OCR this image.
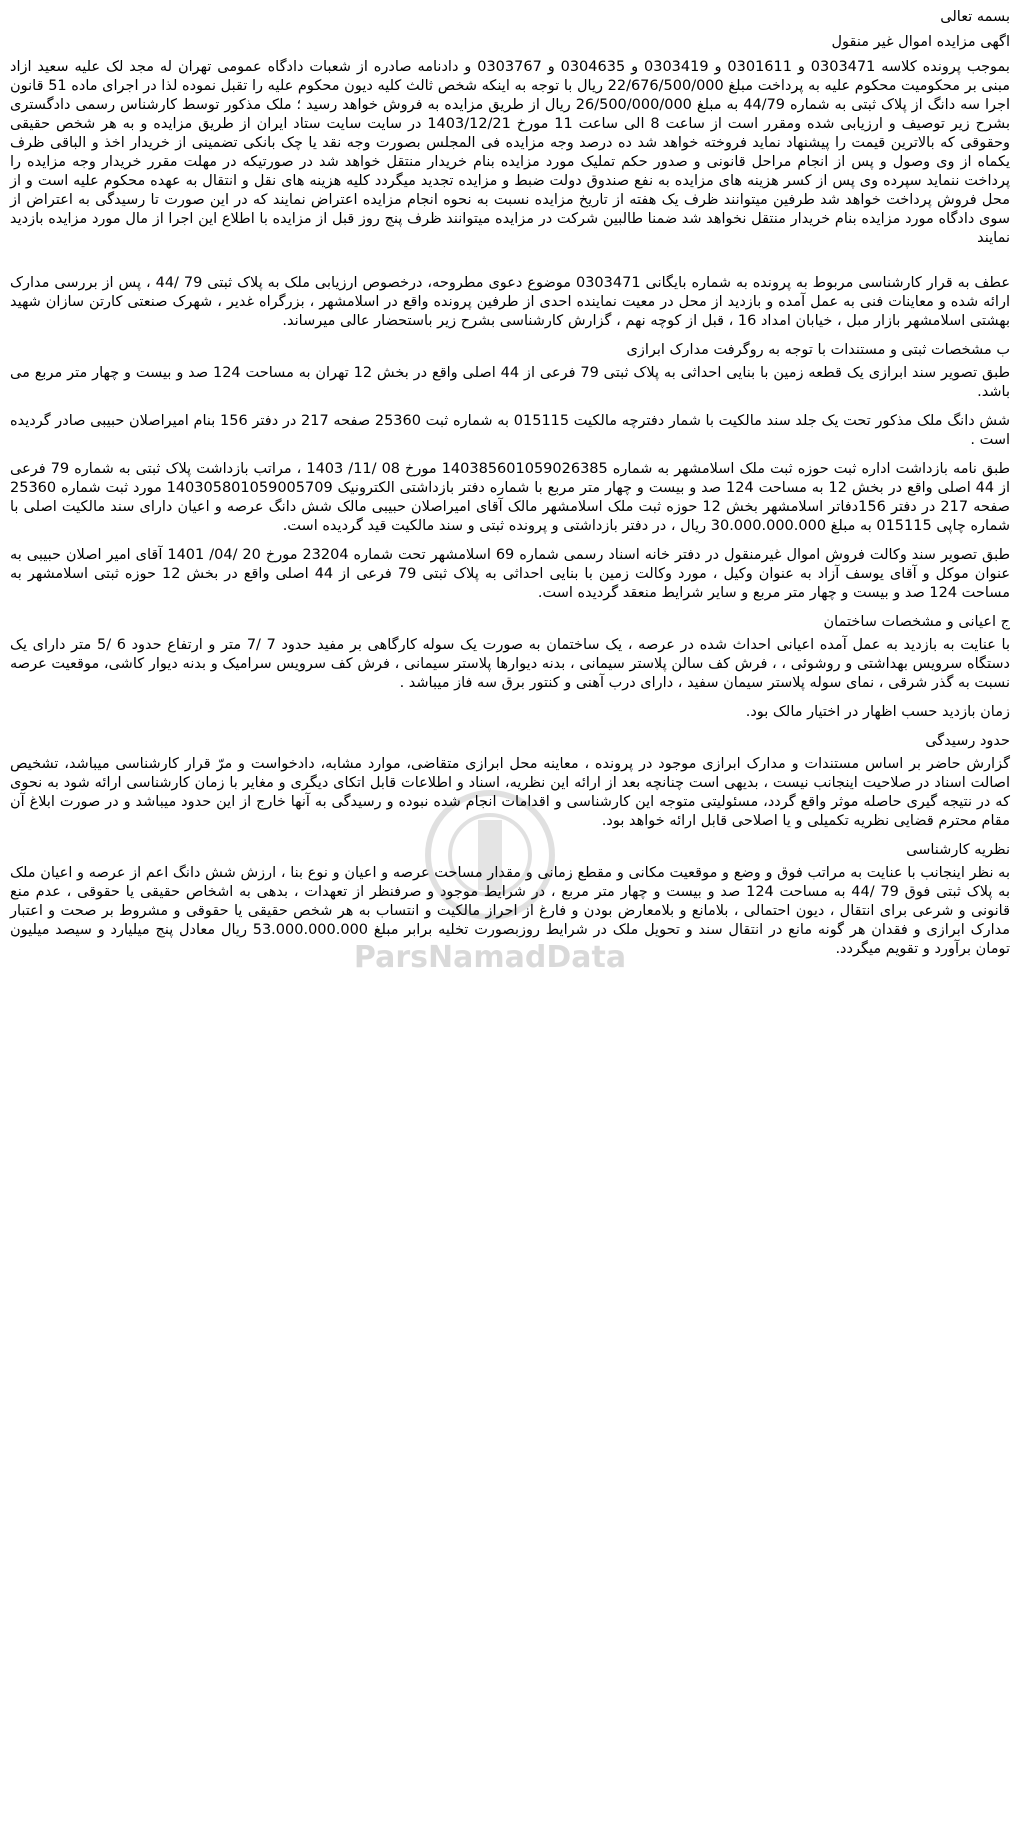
ParsNamadData

بسمه تعالی

اگهی مزایده اموال غیر منقول

بموجب پرونده کلاسه 0303471 و 0301611 و 0303419 و 0304635 و 0303767 و دادنامه صادره از شعبات دادگاه عمومی تهران له مجد لک علیه سعید ازاد مبنی بر محکومیت محکوم علیه به پرداخت مبلغ 22/676/500/000 ریال با توجه به اینکه شخص ثالث کلیه دیون محکوم علیه را تقبل نموده لذا در اجرای ماده 51 قانون اجرا سه دانگ از پلاک ثبتی به شماره 44/79 به مبلغ 26/500/000/000 ریال از طریق مزایده به فروش خواهد رسید ؛ ملک مذکور توسط کارشناس رسمی دادگستری بشرح زیر توصیف و ارزیابی شده ومقرر است از ساعت 8 الی ساعت 11 مورخ 1403/12/21 در سایت سایت ستاد ایران از طریق مزایده و به هر شخص حقیقی وحقوقی که بالاترین قیمت را پیشنهاد نماید فروخته خواهد شد ده درصد وجه مزایده فی المجلس بصورت وجه نقد یا چک بانکی تضمینی از خریدار اخذ و الباقی ظرف یکماه از وی وصول و پس از انجام مراحل قانونی و صدور حکم تملیک مورد مزایده بنام خریدار منتقل خواهد شد در صورتیکه در مهلت مقرر خریدار وجه مزایده را پرداخت ننماید سپرده وی پس از کسر هزینه های مزایده به نفع صندوق دولت ضبط و مزایده تجدید میگردد کلیه هزینه های نقل و انتقال به عهده محکوم علیه است و از محل فروش پرداخت خواهد شد طرفین میتوانند ظرف یک هفته از تاریخ مزایده نسبت به نحوه انجام مزایده اعتراض نمایند که در این صورت تا رسیدگی به اعتراض از سوی دادگاه مورد مزایده بنام خریدار منتقل نخواهد شد ضمنا طالبین شرکت در مزایده میتوانند ظرف پنج روز قبل از مزایده با اطلاع این اجرا از مال مورد مزایده بازدید نمایند

عطف به قرار کارشناسی مربوط به پرونده به شماره بایگانی 0303471 موضوع دعوی مطروحه، درخصوص ارزیابی ملک به پلاک ثبتی 79 /44 ، پس از بررسی مدارک ارائه شده و معاینات فنی به عمل آمده و بازدید از محل در معیت نماینده احدی از طرفین پرونده واقع در اسلامشهر ، بزرگراه غدیر ، شهرک صنعتی کارتن سازان شهید بهشتی اسلامشهر بازار مبل ، خیابان امداد 16 ، قبل از کوچه نهم ، گزارش کارشناسی بشرح زیر باستحضار عالی میرساند.

ب مشخصات ثبتی و مستندات با توجه به روگرفت مدارک ابرازی

طبق تصویر سند ابرازی یک قطعه زمین با بنایی احداثی به پلاک ثبتی 79 فرعی از 44 اصلی واقع در بخش 12 تهران به مساحت 124 صد و بیست و چهار متر مربع می باشد.

شش دانگ ملک مذکور تحت یک جلد سند مالکیت با شمار دفترچه مالکیت 015115 به شماره ثبت 25360 صفحه 217 در دفتر 156 بنام امیراصلان حبیبی صادر گردیده است .

طبق نامه بازداشت اداره ثبت حوزه ثبت ملک اسلامشهر به شماره 140385601059026385 مورخ 08 /11/ 1403 ، مراتب بازداشت پلاک ثبتی به شماره 79 فرعی از 44 اصلی واقع در بخش 12 به مساحت 124 صد و بیست و چهار متر مربع با شماره دفتر بازداشتی الکترونیک 140305801059005709 مورد ثبت شماره 25360 صفحه 217 در دفتر 156دفاتر اسلامشهر بخش 12 حوزه ثبت ملک اسلامشهر مالک آقای امیراصلان حبیبی مالک شش دانگ عرصه و اعیان دارای سند مالکیت اصلی با شماره چاپی 015115 به مبلغ 30.000.000.000 ریال ، در دفتر بازداشتی و پرونده ثبتی و سند مالکیت قید گردیده است.

طبق تصویر سند وکالت فروش اموال غیرمنقول در دفتر خانه اسناد رسمی شماره 69 اسلامشهر تحت شماره 23204 مورخ 20 /04/ 1401 آقای امیر اصلان حبیبی به عنوان موکل و آقای یوسف آزاد به عنوان وکیل ، مورد وکالت زمین با بنایی احداثی به پلاک ثبتی 79 فرعی از 44 اصلی واقع در بخش 12 حوزه ثبتی اسلامشهر به مساحت 124 صد و بیست و چهار متر مربع و سایر شرایط منعقد گردیده است.

ج اعیانی و مشخصات ساختمان

با عنایت به بازدید به عمل آمده اعیانی احداث شده در عرصه ، یک ساختمان به صورت یک سوله کارگاهی بر مفید حدود 7 /7 متر و ارتفاع حدود 6 /5 متر دارای یک دستگاه سرویس بهداشتی و روشوئی ، ، فرش کف سالن پلاستر سیمانی ، بدنه دیوارها پلاستر سیمانی ، فرش کف سرویس سرامیک و بدنه دیوار کاشی، موقعیت عرصه نسبت به گذر شرقی ، نمای سوله پلاستر سیمان سفید ، دارای درب آهنی و کنتور برق سه فاز میباشد .

زمان بازدید حسب اظهار در اختیار مالک بود.

حدود رسیدگی

گزارش حاضر بر اساس مستندات و مدارک ابرازی موجود در پرونده ، معاینه محل ابرازی متقاضی، موارد مشابه، دادخواست و مرّ قرار کارشناسی میباشد، تشخیص اصالت اسناد در صلاحیت اینجانب نیست ، بدیهی است چنانچه بعد از ارائه این نظریه، اسناد و اطلاعات قابل اتکای دیگری و مغایر با زمان کارشناسی ارائه شود به نحوی که در نتیجه گیری حاصله موثر واقع گردد، مسئولیتی متوجه این کارشناسی و اقدامات انجام شده نبوده و رسیدگی به آنها خارج از این حدود میباشد و در صورت ابلاغ آن مقام محترم قضایی نظریه تکمیلی و یا اصلاحی قابل ارائه خواهد بود.

نظریه کارشناسی

به نظر اینجانب با عنایت به مراتب فوق و وضع و موقعیت مکانی و مقطع زمانی و مقدار مساحت عرصه و اعیان و نوع بنا ، ارزش شش دانگ اعم از عرصه و اعیان ملک به پلاک ثبتی فوق 79 /44 به مساحت 124 صد و بیست و چهار متر مربع ، در شرایط موجود و صرفنظر از تعهدات ، بدهی به اشخاص حقیقی یا حقوقی ، عدم منع قانونی و شرعی برای انتقال ، دیون احتمالی ، بلامانع و بلامعارض بودن و فارغ از احراز مالکیت و انتساب به هر شخص حقیقی یا حقوقی و مشروط بر صحت و اعتبار مدارک ابرازی و فقدان هر گونه مانع در انتقال سند و تحویل ملک در شرایط روزبصورت تخلیه برابر مبلغ 53.000.000.000 ریال معادل پنج میلیارد و سیصد میلیون تومان برآورد و تقویم میگردد.
